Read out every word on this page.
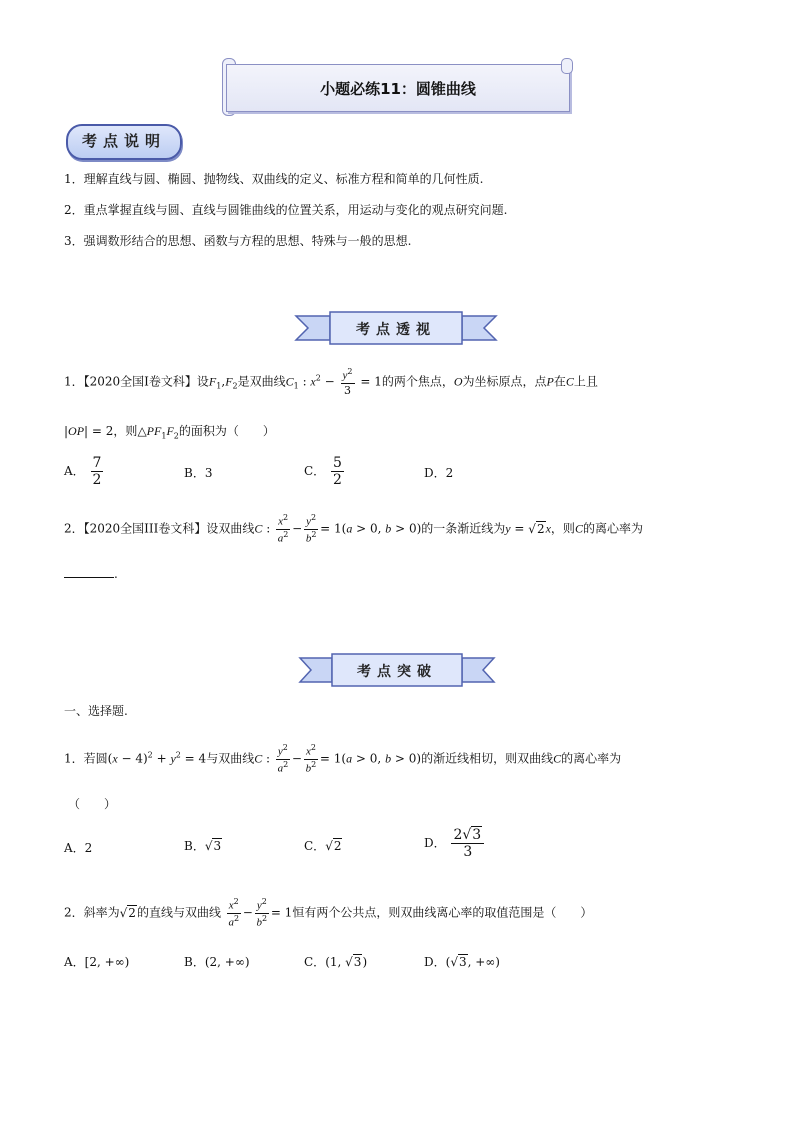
小题必练11：圆锥曲线
考点说明
1．理解直线与圆、椭圆、抛物线、双曲线的定义、标准方程和简单的几何性质.
2．重点掌握直线与圆、直线与圆锥曲线的位置关系，用运动与变化的观点研究问题.
3．强调数形结合的思想、函数与方程的思想、特殊与一般的思想.
考点透视
1．【2020全国Ⅰ卷文科】设$F_1,F_2$是双曲线$C_1$ : $x^2 - \frac{y^2}{3} = 1$的两个焦点，O为坐标原点，点P在C上且
|OP| = 2，则$\triangle PF_1F_2$的面积为（　　）
A． $\frac{7}{2}$	B．3	C． $\frac{5}{2}$	D．2
2．【2020全国III卷文科】设双曲线C : $\frac{x^2}{a^2} - \frac{y^2}{b^2} = 1(a > 0$, b > 0)的一条渐近线为y = √2x，则C的离心率为
.
考点突破
一、选择题.
1．若圆$(x - 4)^2 + y^2 = 4$与双曲线C : $\frac{y^2}{a^2} - \frac{x^2}{b^2} = 1(a > 0$, b > 0)的渐近线相切，则双曲线C的离心率为
（　　）
A．2	B．√3	C．√2	D． $\frac{2√3}{3}$
2．斜率为√2的直线与双曲线 $\frac{x^2}{a^2} - \frac{y^2}{b^2} = 1$恒有两个公共点，则双曲线离心率的取值范围是（　　）
A．[2, +∞)	B．(2, +∞)	C．(1, √3)	D．(√3, +∞)
